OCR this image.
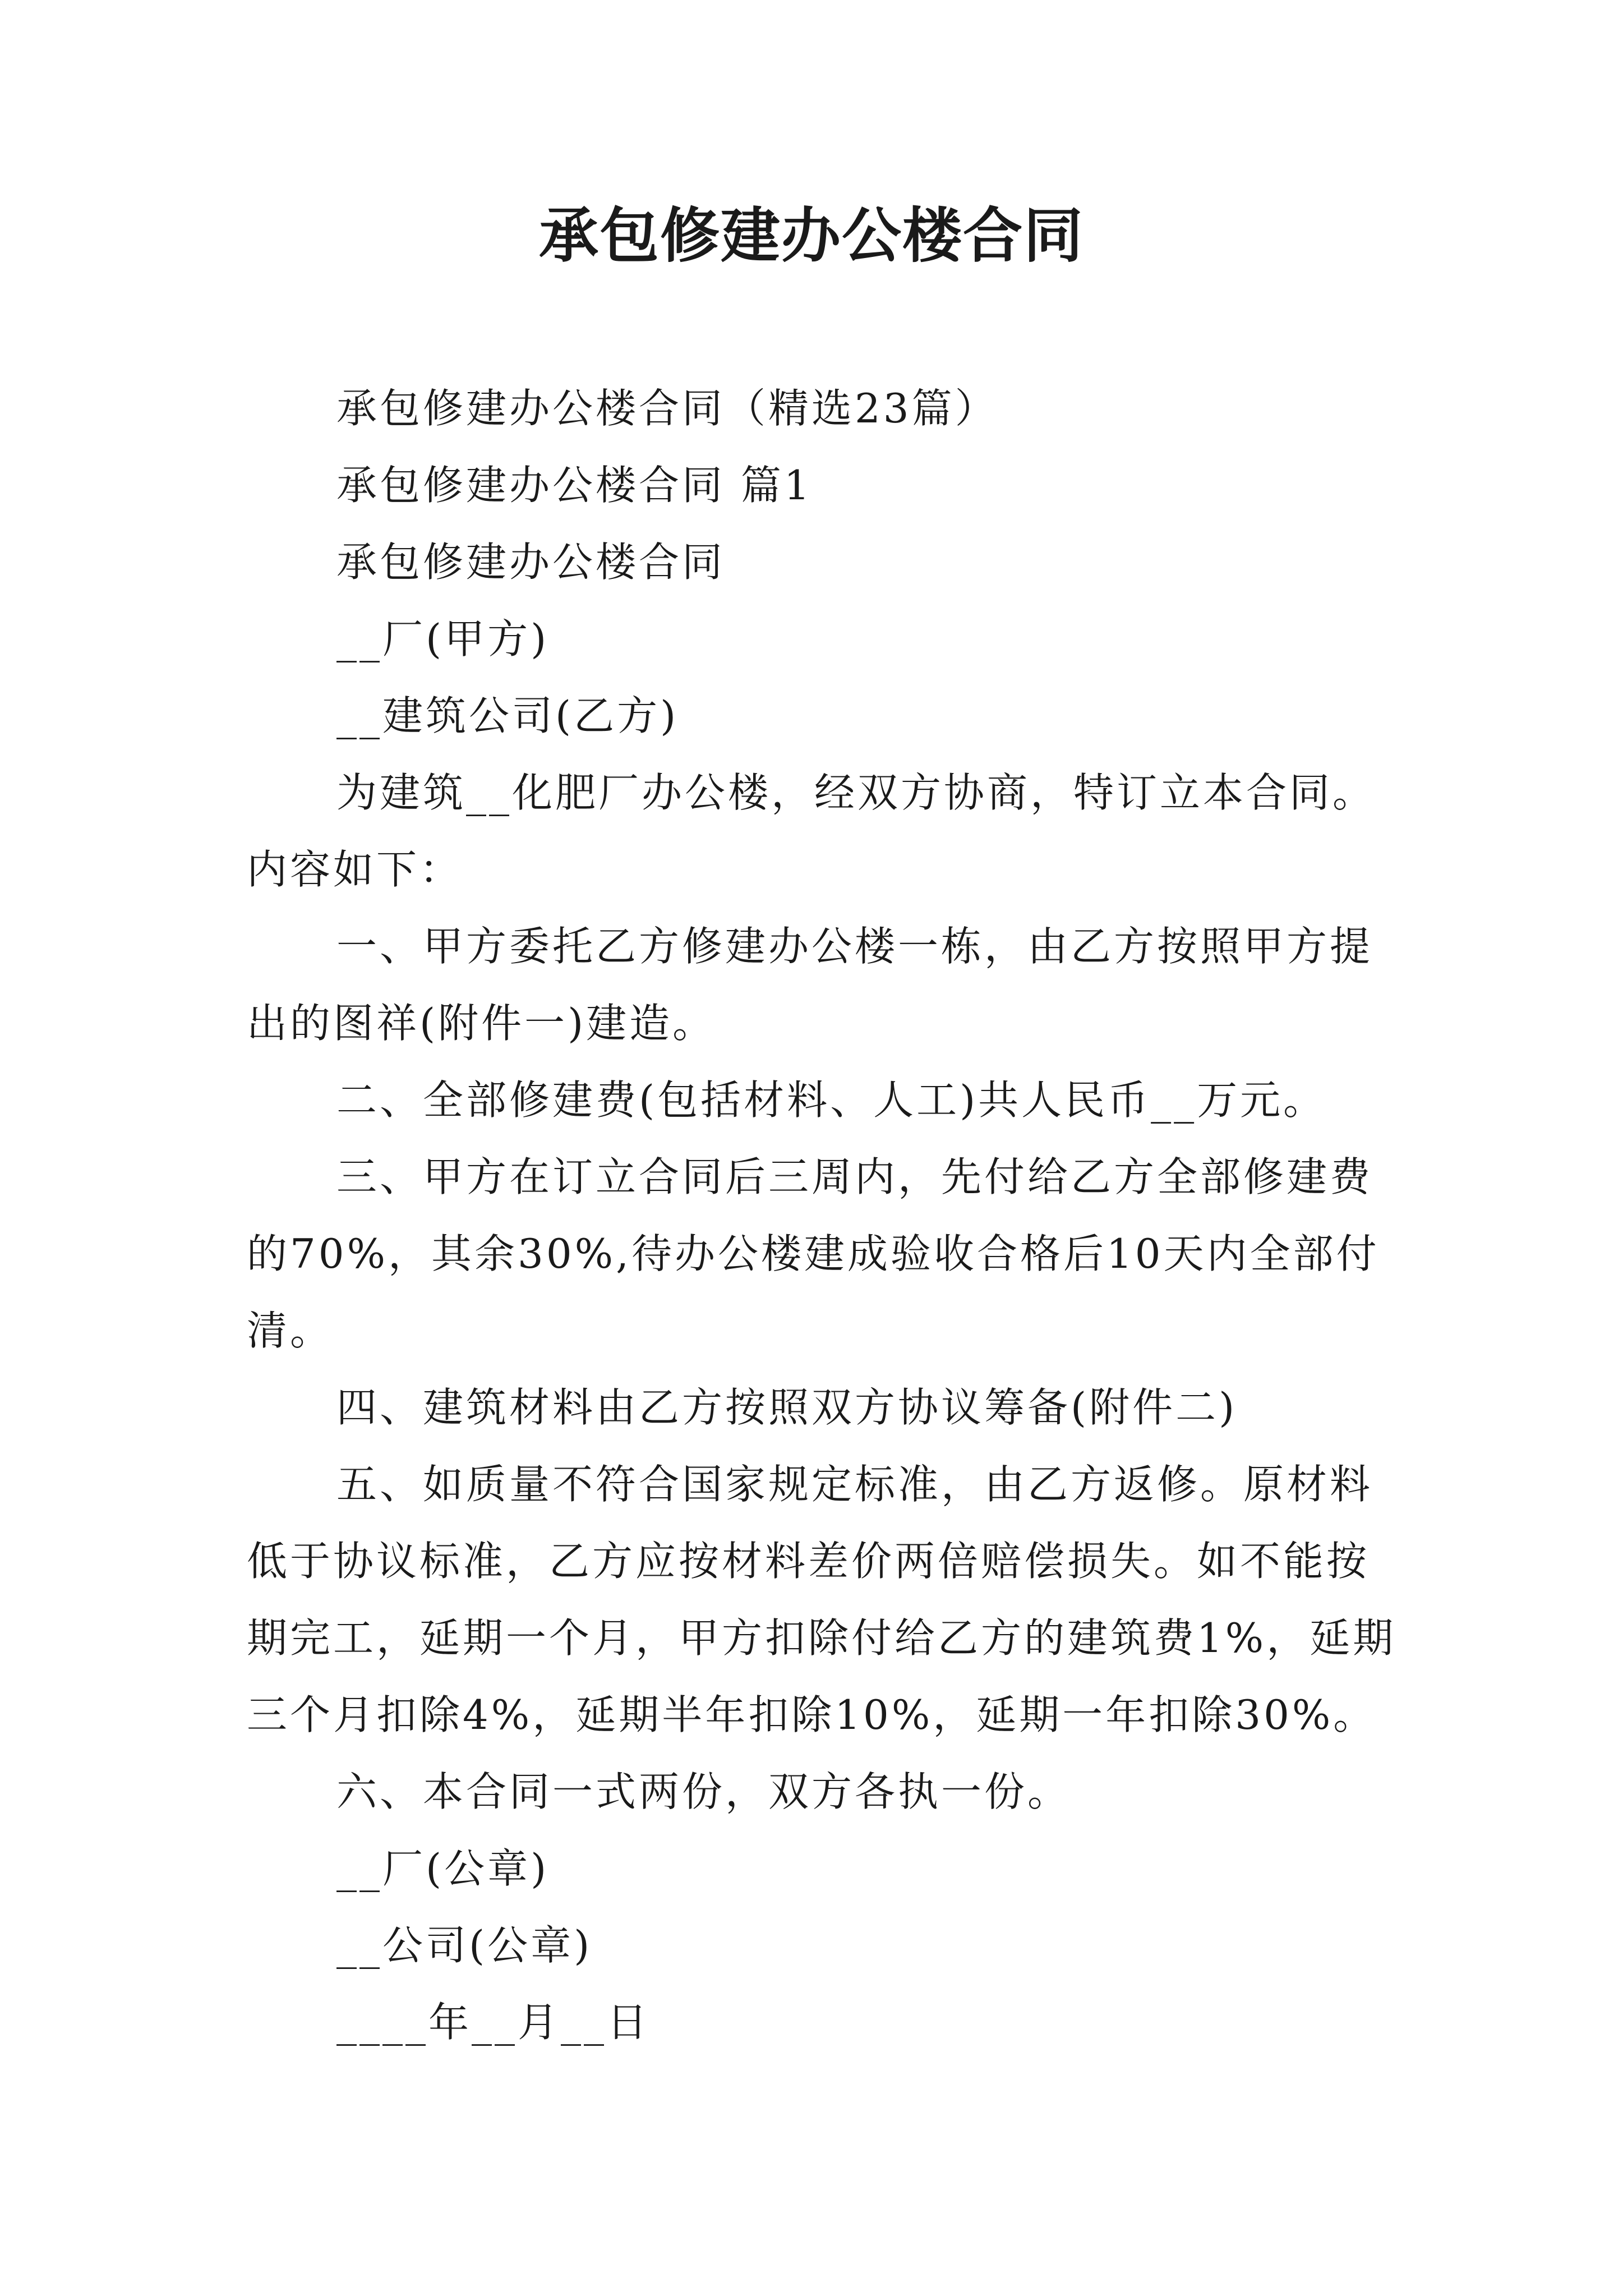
承包修建办公楼合同

承包修建办公楼合同（精选23篇）

承包修建办公楼合同 篇1

承包修建办公楼合同

__厂(甲方)

__建筑公司(乙方)

为建筑__化肥厂办公楼，经双方协商，特订立本合同。内容如下：

一、甲方委托乙方修建办公楼一栋，由乙方按照甲方提出的图祥(附件一)建造。

二、全部修建费(包括材料、人工)共人民币__万元。

三、甲方在订立合同后三周内，先付给乙方全部修建费的70%，其余30%,待办公楼建成验收合格后10天内全部付清。

四、建筑材料由乙方按照双方协议筹备(附件二)

五、如质量不符合国家规定标准，由乙方返修。原材料低于协议标准，乙方应按材料差价两倍赔偿损失。如不能按期完工，延期一个月，甲方扣除付给乙方的建筑费1%，延期三个月扣除4%，延期半年扣除10%，延期一年扣除30%。

六、本合同一式两份，双方各执一份。

__厂(公章)

__公司(公章)

____年__月__日
